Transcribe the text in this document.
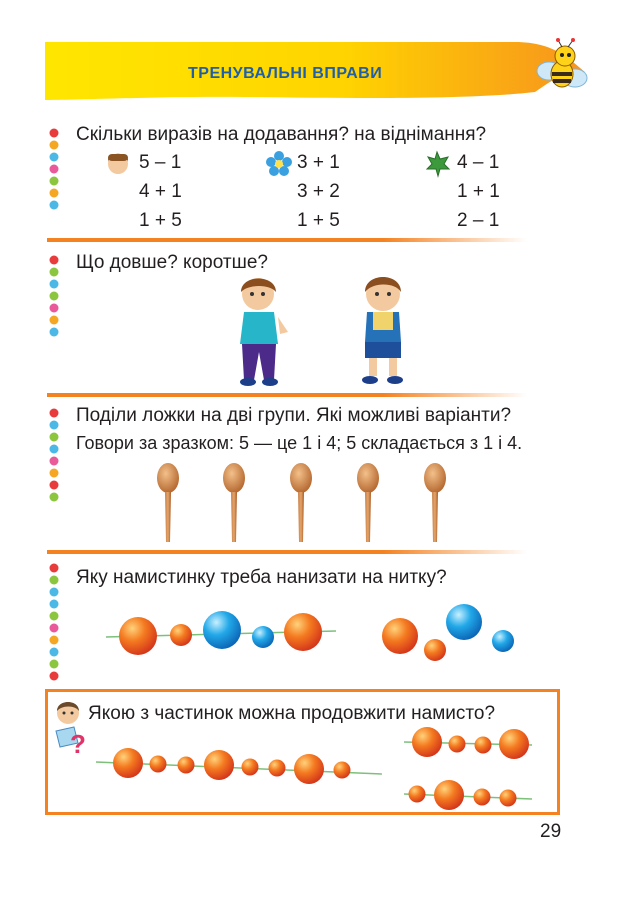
ТРЕНУВАЛЬНІ ВПРАВИ
Скільки виразів на додавання? на віднімання?
5 – 1
4 + 1
1 + 5
3 + 1
3 + 2
1 + 5
4 – 1
1 + 1
2 – 1
Що довше? коротше?
Поділи ложки на дві групи. Які можливі варіанти?
Говори за зразком: 5 — це 1 і 4; 5 складається з 1 і 4.
Яку намистинку треба нанизати на нитку?
?
Якою з частинок можна продовжити намисто?
29
